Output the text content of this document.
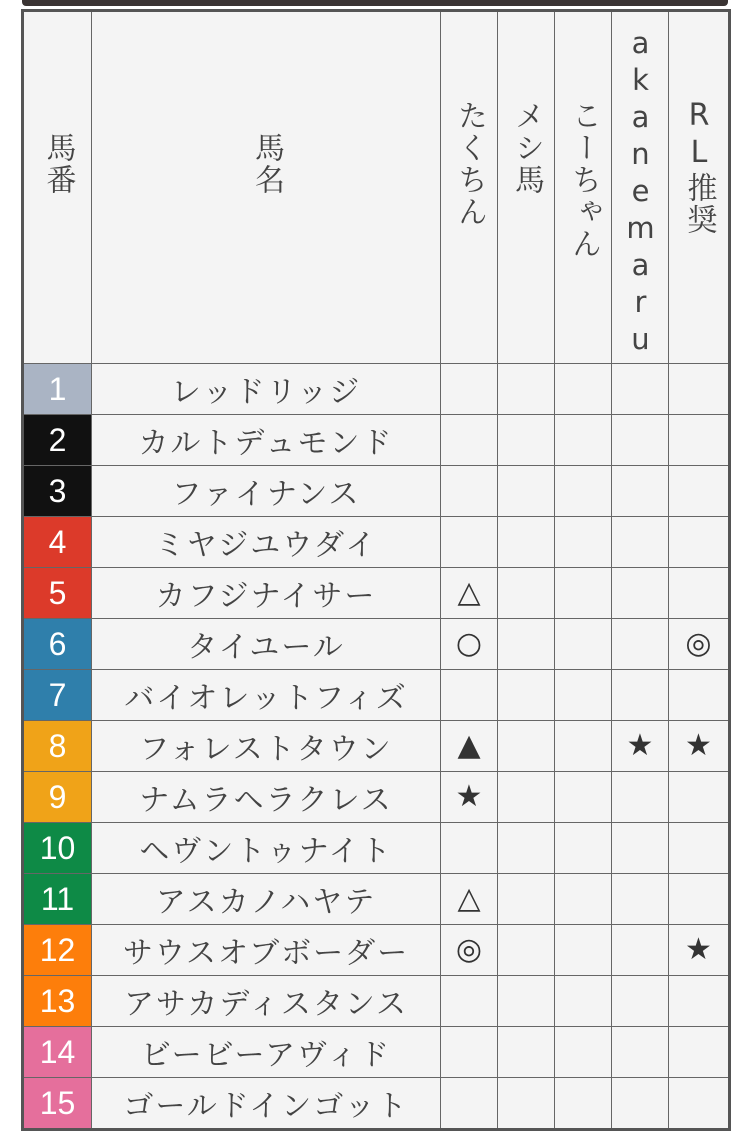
馬番	馬名	たくちん	メシ馬	こーちゃん	akanemaru	RL推奨
1	レッドリッジ					
2	カルトデュモンド					
3	ファイナンス					
4	ミヤジユウダイ					
5	カフジナイサー	△				
6	タイユール	○				◎
7	バイオレットフィズ					
8	フォレストタウン	▲			★	★
9	ナムラヘラクレス	★				
10	ヘヴントゥナイト					
11	アスカノハヤテ	△				
12	サウスオブボーダー	◎				★
13	アサカディスタンス					
14	ビービーアヴィド					
15	ゴールドインゴット					
